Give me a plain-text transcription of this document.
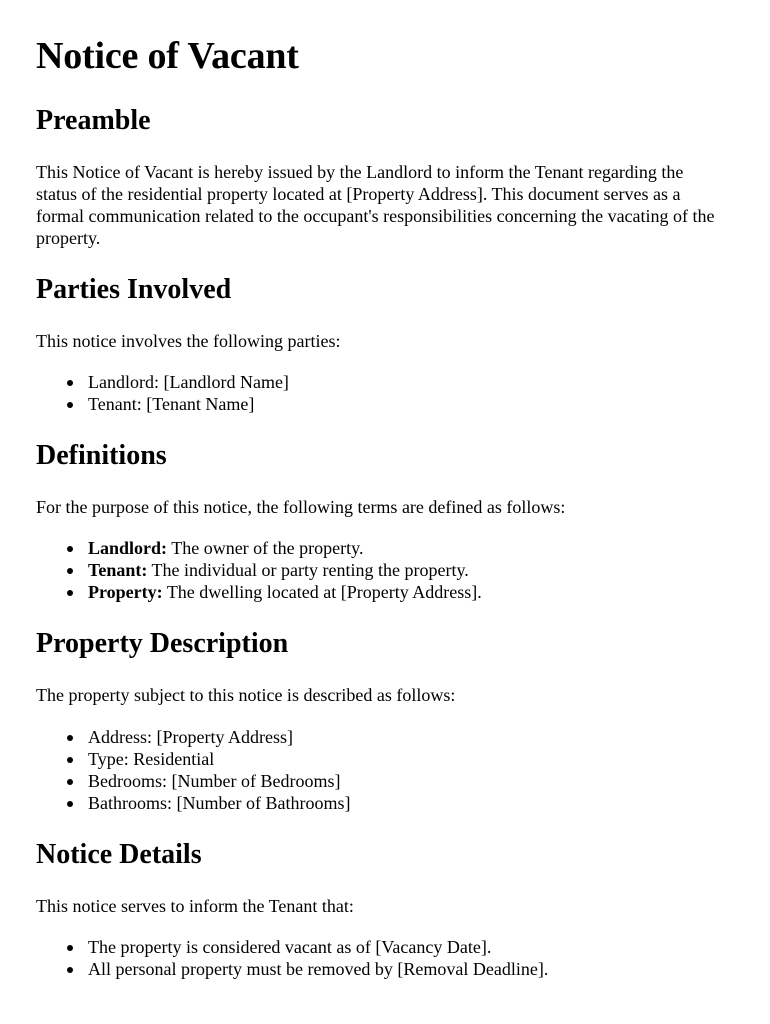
Notice of Vacant
Preamble

This Notice of Vacant is hereby issued by the Landlord to inform the Tenant regarding the status of the residential property located at [Property Address]. This document serves as a formal communication related to the occupant's responsibilities concerning the vacating of the property.

Parties Involved

This notice involves the following parties:

Landlord: [Landlord Name]
Tenant: [Tenant Name]
Definitions

For the purpose of this notice, the following terms are defined as follows:

Landlord: The owner of the property.
Tenant: The individual or party renting the property.
Property: The dwelling located at [Property Address].
Property Description

The property subject to this notice is described as follows:

Address: [Property Address]
Type: Residential
Bedrooms: [Number of Bedrooms]
Bathrooms: [Number of Bathrooms]
Notice Details

This notice serves to inform the Tenant that:

The property is considered vacant as of [Vacancy Date].
All personal property must be removed by [Removal Deadline].
